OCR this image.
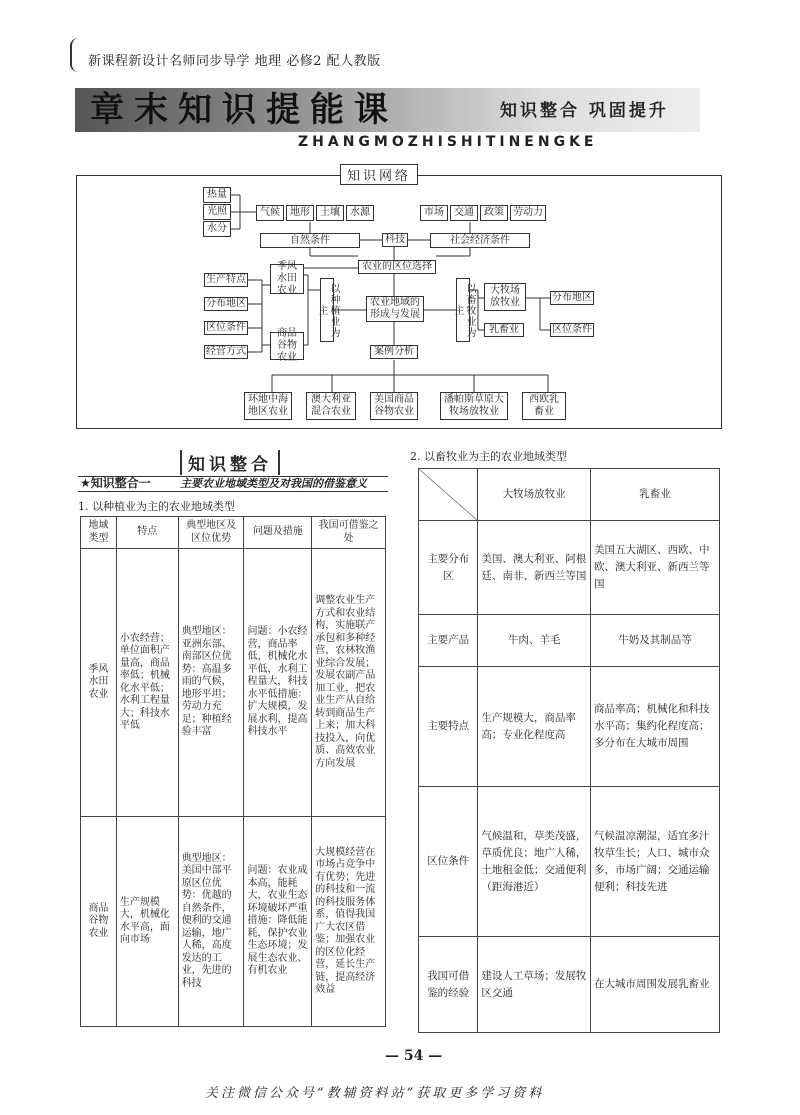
新课程新设计名师同步导学 地理 必修2 配人教版
章末知识提能课	知识整合 巩固提升
ZHANGMOZHISHITINENGKE
知识网络
热量
光照
水分
气候	地形	土壤	水源	市场	交通	政策 劳动力
自然条件	科技	社会经济条件
农业的区位选择
生产特点
分布地区
区位条件
经营方式
季风水田农业
商品谷物农业
以种植业为主
农业地域的形成与发展	以畜牧业为主
大牧场放牧业
乳畜业
分布地区
区位条件
案例分析
环地中海地区农业
澳大利亚混合农业
美国商品谷物农业
潘帕斯草原大牧场放牧业
西欧乳畜业
知识整合
★知识整合一	主要农业地域类型及对我国的借鉴意义
1. 以种植业为主的农业地域类型
2. 以畜牧业为主的农业地域类型
地域类型	特点	典型地区及区位优势	问题及措施	我国可借鉴之处
季风水田农业	小农经营；单位面积产量高，商品率低；机械化水平低；水利工程量大；科技水平低	典型地区：亚洲东部、南部区位优势：高温多雨的气候，地形平坦；劳动力充足；种植经验丰富	问题：小农经营，商品率低，机械化水平低，水利工程量大，科技水平低措施：扩大规模，发展水利，提高科技水平	调整农业生产方式和农业结构，实施联产承包和多种经营，农林牧渔业综合发展；发展农副产品加工业，把农业生产从自给转到商品生产上来；加大科技投入，向优质、高效农业方向发展
商品谷物农业	生产规模大，机械化水平高，面向市场	典型地区：美国中部平原区位优势：优越的自然条件，便利的交通运输，地广人稀，高度发达的工业，先进的科技	问题：农业成本高，能耗大，农业生态环境破坏严重措施：降低能耗，保护农业生态环境；发展生态农业、有机农业	大规模经营在市场占竞争中有优势；先进的科技和一流的科技服务体系，值得我国广大农区借鉴；加强农业的区位化经营，延长生产链，提高经济效益
	大牧场放牧业	乳畜业
主要分布区	美国、澳大利亚、阿根廷、南非、新西兰等国	美国五大湖区、西欧、中欧、澳大利亚、新西兰等国
主要产品	牛肉、羊毛	牛奶及其制品等
主要特点	生产规模大，商品率高；专业化程度高	商品率高；机械化和科技水平高；集约化程度高；多分布在大城市周围
区位条件	气候温和，草类茂盛，草质优良；地广人稀，土地租金低；交通便利（距海港近）	气候温凉潮湿，适宜多汁牧草生长；人口、城市众多，市场广阔；交通运输便利；科技先进
我国可借鉴的经验	建设人工草场；发展牧区交通	在大城市周围发展乳畜业
— 54 —
关注微信公众号“教辅资料站”获取更多学习资料
